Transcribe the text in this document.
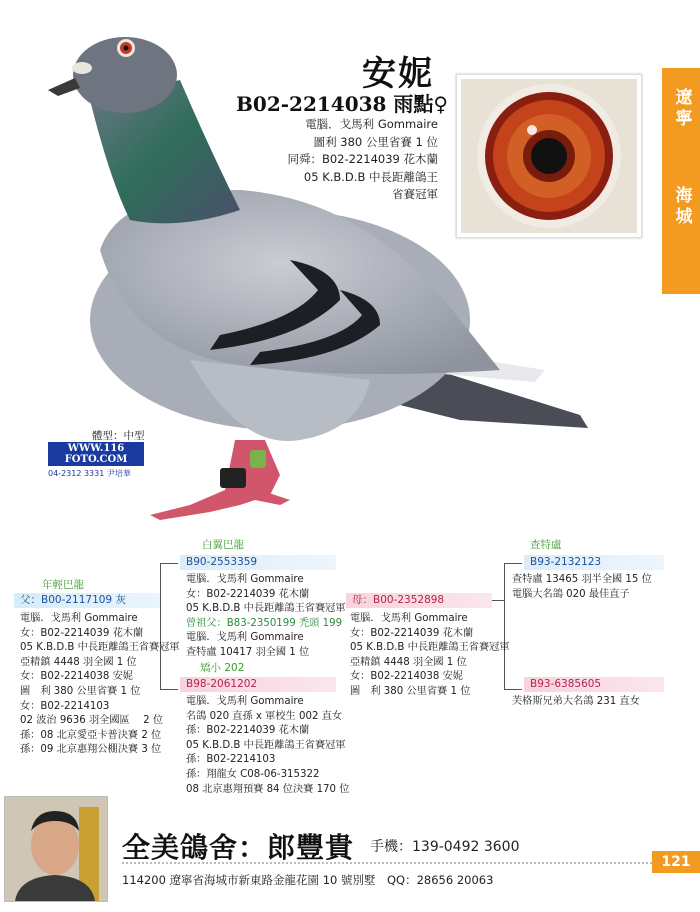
安妮
B02-2214038 雨點♀
電腦．戈馬利 Gommaire
圖利 380 公里省賽 1 位
同舜：B02-2214039 花木蘭
05 K.B.D.B 中長距離鴿王
省賽冠軍
遼寧
海城
體型：中型
WWW.116 FOTO.COM
04-2312 3331 尹培華
年輕巴龍
父：B00-2117109 灰
電腦．戈馬利 Gommaire
女：B02-2214039 花木蘭
05 K.B.D.B 中長距離鴿王省賽冠軍
亞精鎮 4448 羽全國 1 位
女：B02-2214038 安妮
圖　利 380 公里省賽 1 位
女：B02-2214103
02 波治 9636 羽全國區　 2 位
孫：08 北京愛亞卡普決賽 2 位
孫：09 北京惠翔公棚決賽 3 位
白翼巴龍
B90-2553359
電腦．戈馬利 Gommaire
女：B02-2214039 花木蘭
05 K.B.D.B 中長距離鴿王省賽冠軍
曾祖父：B83-2350199 禿頭 199
電腦．戈馬利 Gommaire
查特盧 10417 羽全國 1 位
矯小 202
B98-2061202
電腦．戈馬利 Gommaire
名鴿 020 直孫 x 軍校生 002 直女
孫：B02-2214039 花木蘭
05 K.B.D.B 中長距離鴿王省賽冠軍
孫：B02-2214103
孫：翔龍女 C08-06-315322
08 北京惠翔預賽 84 位決賽 170 位
母：B00-2352898
電腦．戈馬利 Gommaire
女：B02-2214039 花木蘭
05 K.B.D.B 中長距離鴿王省賽冠軍
亞精鎮 4448 羽全國 1 位
女：B02-2214038 安妮
圖　利 380 公里省賽 1 位
查特盧
B93-2132123
查特盧 13465 羽半全國 15 位
電腦大名鴿 020 最佳直子
B93-6385605
芙格斯兄弟大名鴿 231 直女
全美鴿舍：郎豐貴 手機：139-0492 3600
121
114200 遼寧省海城市新東路金龍花園 10 號別墅　QQ：28656 20063
